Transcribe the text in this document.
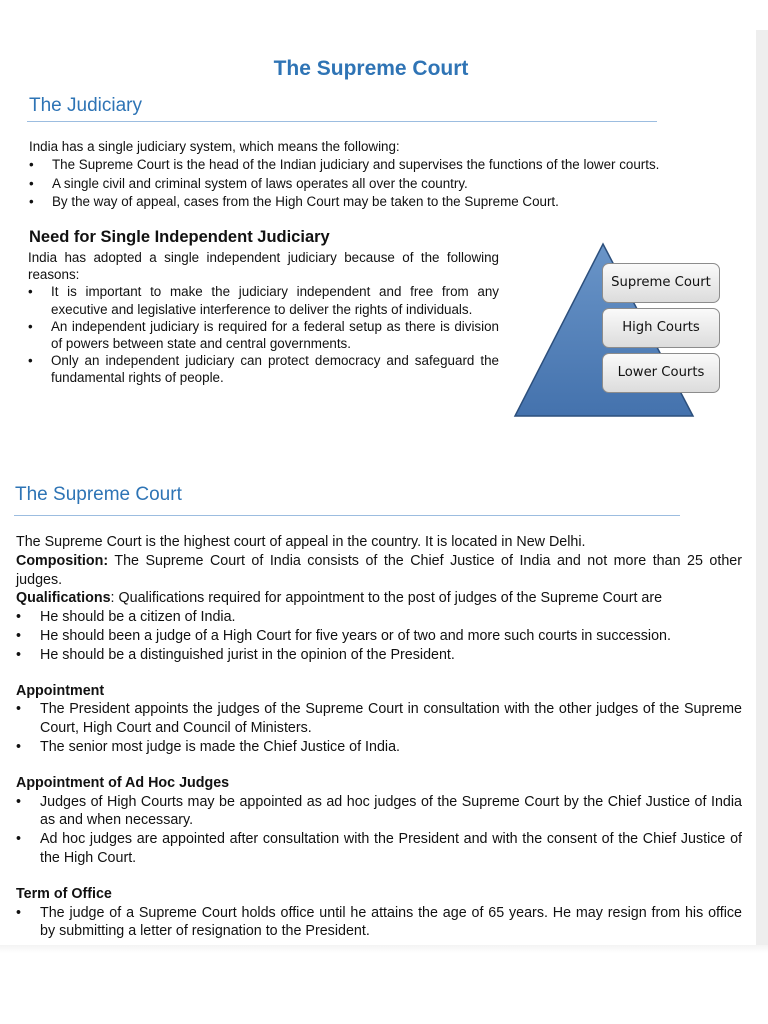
The Supreme Court
The Judiciary
India has a single judiciary system, which means the following:
• The Supreme Court is the head of the Indian judiciary and supervises the functions of the lower courts.
• A single civil and criminal system of laws operates all over the country.
• By the way of appeal, cases from the High Court may be taken to the Supreme Court.
Need for Single Independent Judiciary

India has adopted a single independent judiciary because of the following reasons:

• It is important to make the judiciary independent and free from any executive and legislative interference to deliver the rights of individuals.
• An independent judiciary is required for a federal setup as there is division of powers between state and central governments.
• Only an independent judiciary can protect democracy and safeguard the fundamental rights of people.
Supreme Court
High Courts
Lower Courts
The Supreme Court

The Supreme Court is the highest court of appeal in the country. It is located in New Delhi.

Composition: The Supreme Court of India consists of the Chief Justice of India and not more than 25 other judges.

Qualifications: Qualifications required for appointment to the post of judges of the Supreme Court are

• He should be a citizen of India.
• He should been a judge of a High Court for five years or of two and more such courts in succession.
• He should be a distinguished jurist in the opinion of the President.

Appointment

• The President appoints the judges of the Supreme Court in consultation with the other judges of the Supreme Court, High Court and Council of Ministers.
• The senior most judge is made the Chief Justice of India.

Appointment of Ad Hoc Judges

• Judges of High Courts may be appointed as ad hoc judges of the Supreme Court by the Chief Justice of India as and when necessary.
• Ad hoc judges are appointed after consultation with the President and with the consent of the Chief Justice of the High Court.

Term of Office

• The judge of a Supreme Court holds office until he attains the age of 65 years. He may resign from his office by submitting a letter of resignation to the President.
